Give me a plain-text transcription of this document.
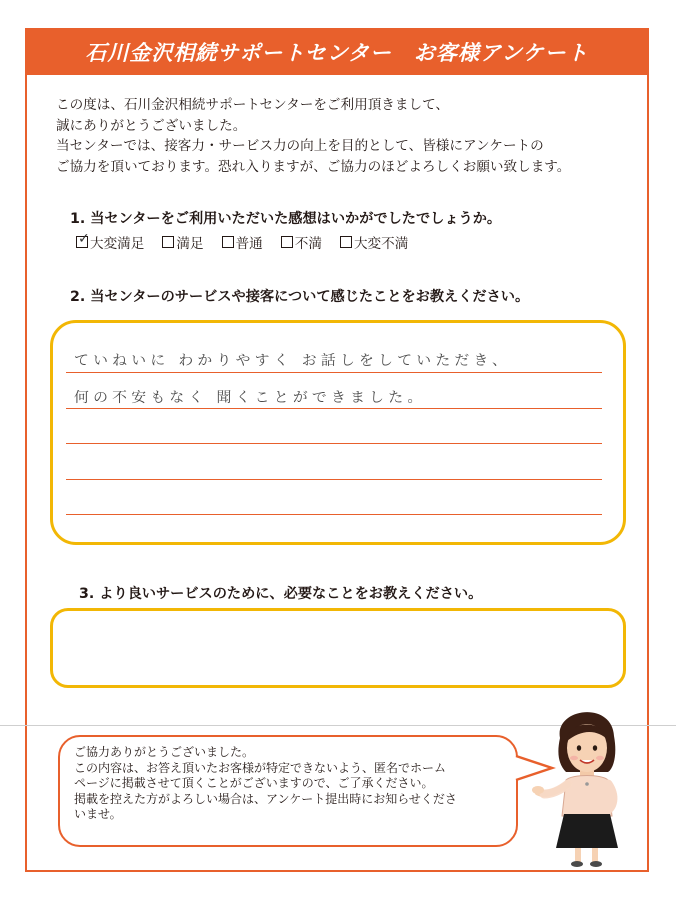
石川金沢相続サポートセンター　お客様アンケート
この度は、石川金沢相続サポートセンターをご利用頂きまして、
誠にありがとうございました。
当センターでは、接客力・サービス力の向上を目的として、皆様にアンケートの
ご協力を頂いております。恐れ入りますが、ご協力のほどよろしくお願い致します。
1. 当センターをご利用いただいた感想はいかがでしたでしょうか。
✓ 大変満足 満足 普通 不満 大変不満
2. 当センターのサービスや接客について感じたことをお教えください。
ていねいに わかりやすく お話しをしていただき、
何の不安もなく 聞くことができました。
3. より良いサービスのために、必要なことをお教えください。
ご協力ありがとうございました。
この内容は、お答え頂いたお客様が特定できないよう、匿名でホーム
ページに掲載させて頂くことがございますので、ご了承ください。
掲載を控えた方がよろしい場合は、アンケート提出時にお知らせくださ
いませ。
